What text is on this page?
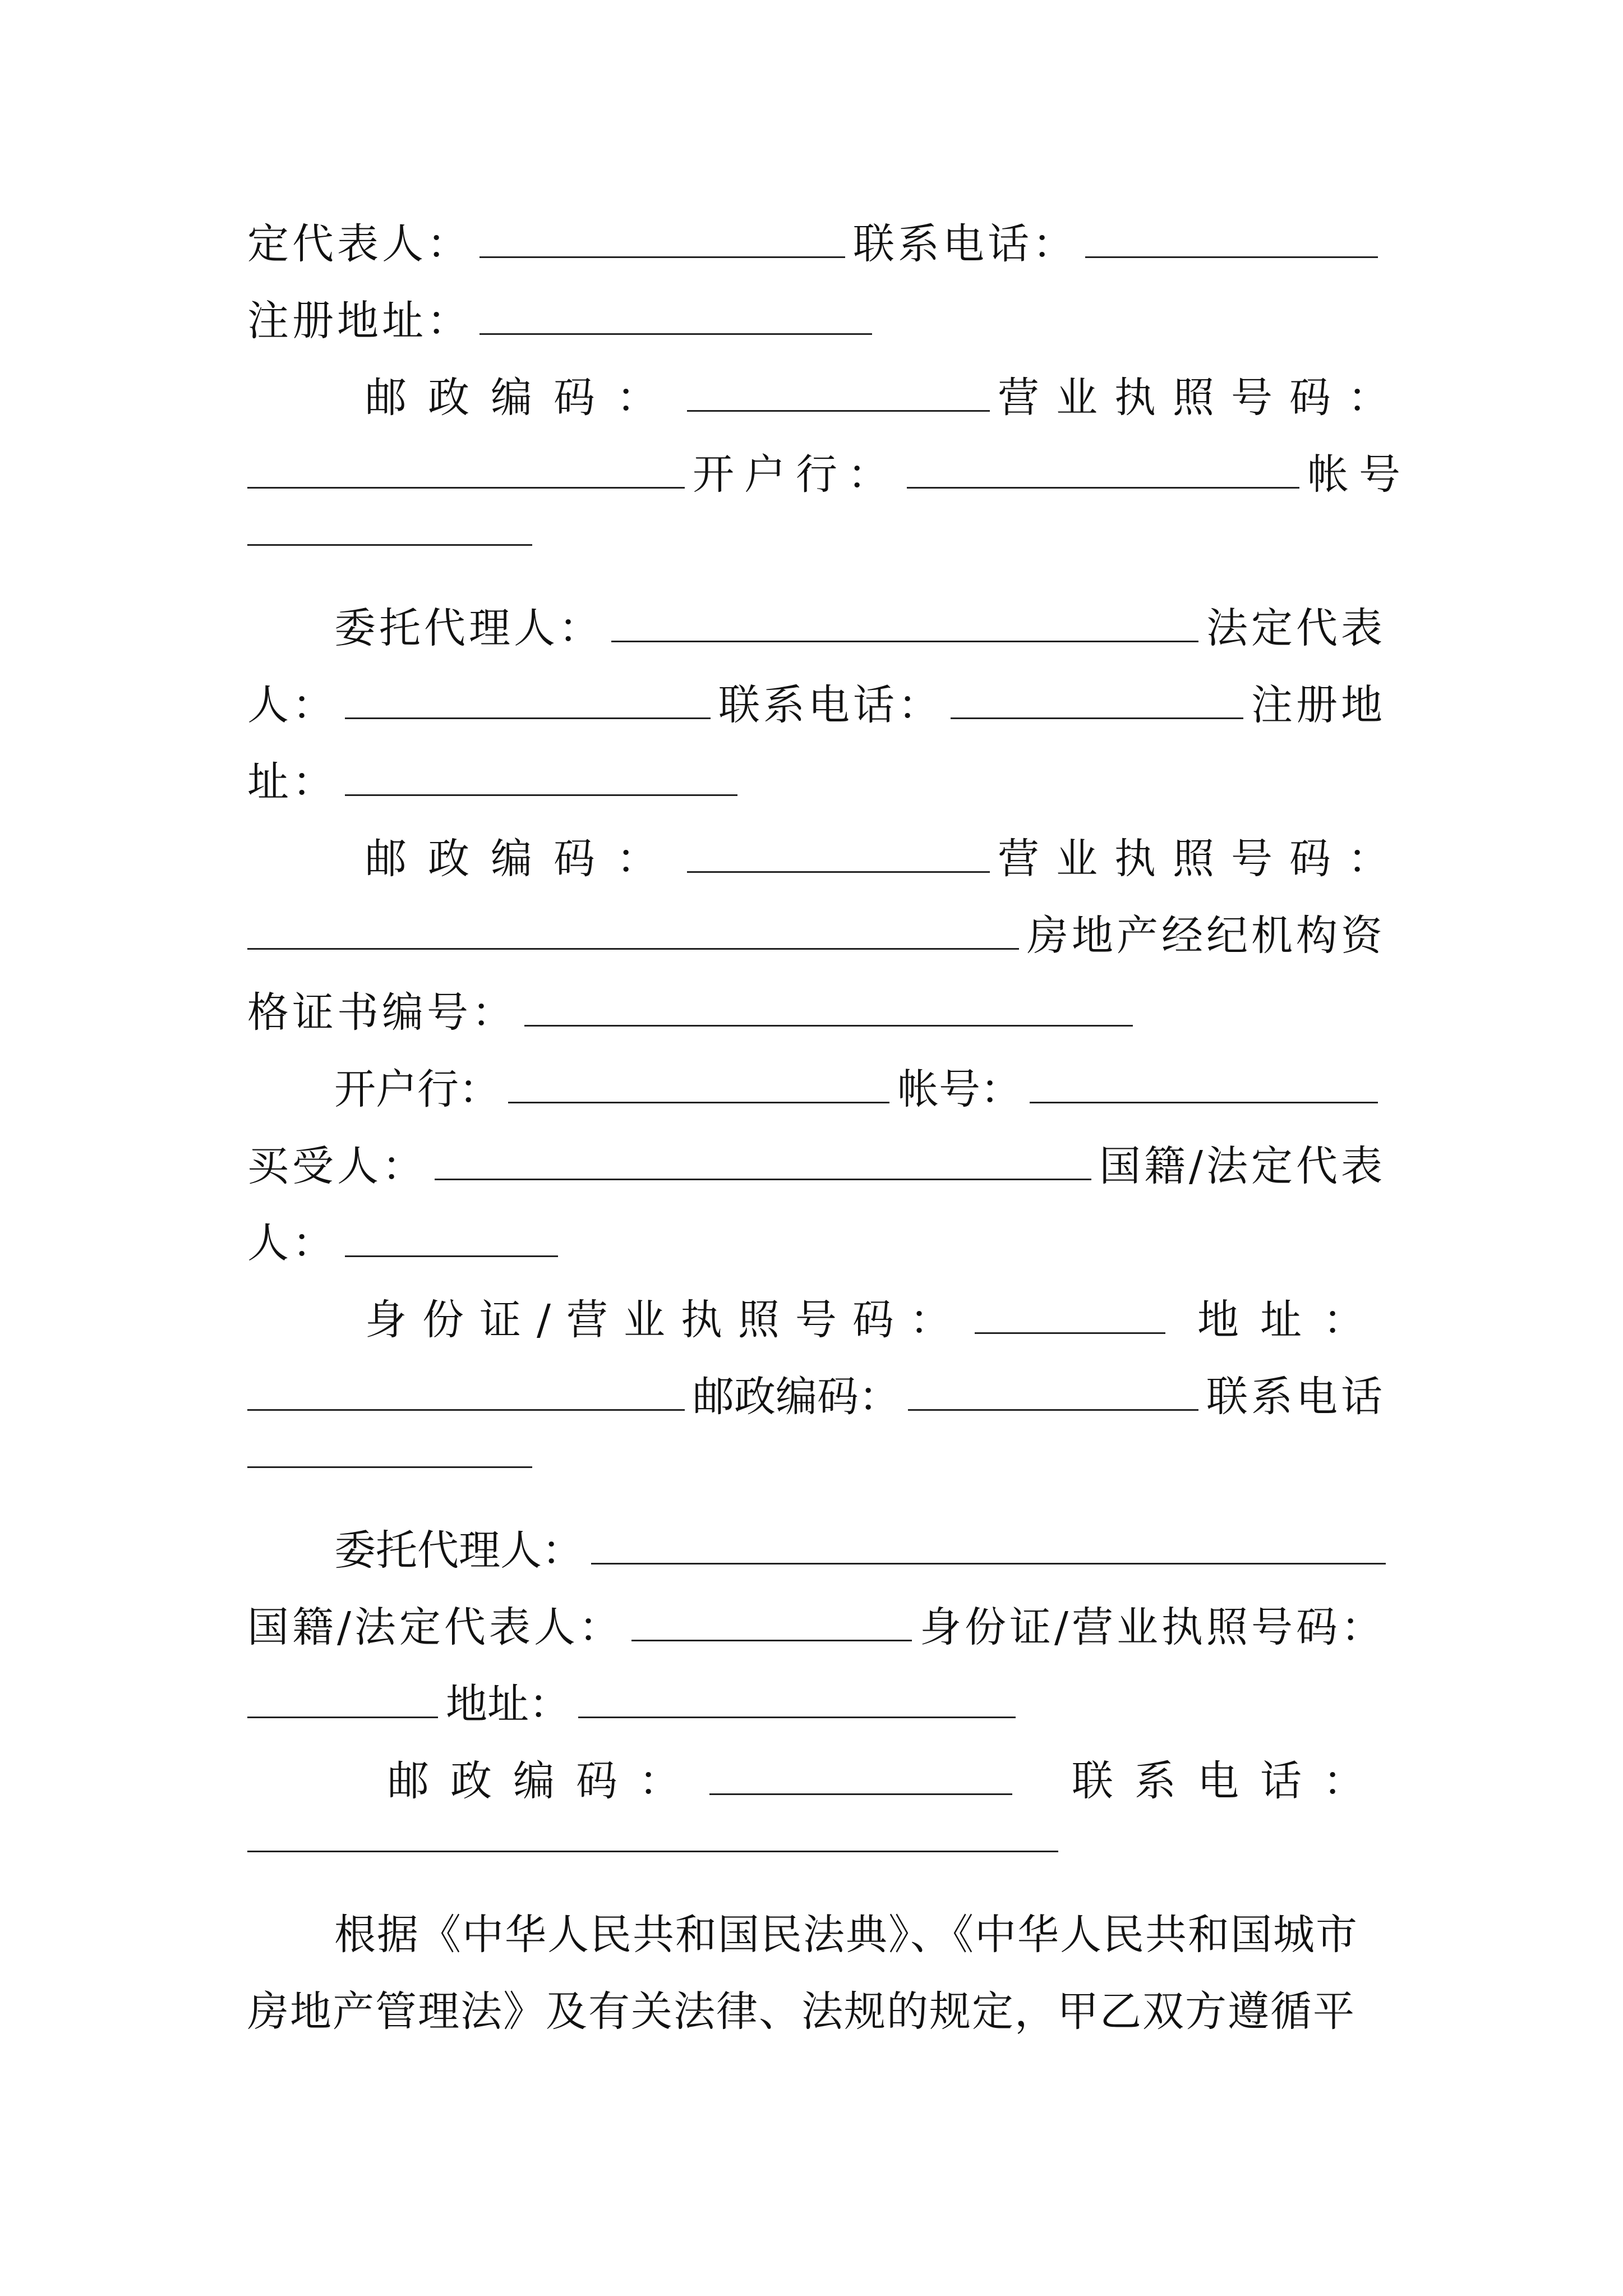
定代表人：	联系电话：
注册地址：
邮政编码：	营业执照号码：
开户行：	帐号
委托代理人：	法定代表
人：	联系电话：	注册地
址：
邮政编码：	营业执照号码：
房地产经纪机构资
格证书编号：
开户行：	帐号：
买受人：	国籍/法定代表
人：
身份证/营业执照号码：	地址：
邮政编码：	联系电话
委托代理人：
国籍/法定代表人：	身份证/营业执照号码：
地址：
邮政编码：	联系电话：
根据《中华人民共和国民法典》、《中华人民共和国城市
房地产管理法》及有关法律、法规的规定，甲乙双方遵循平
